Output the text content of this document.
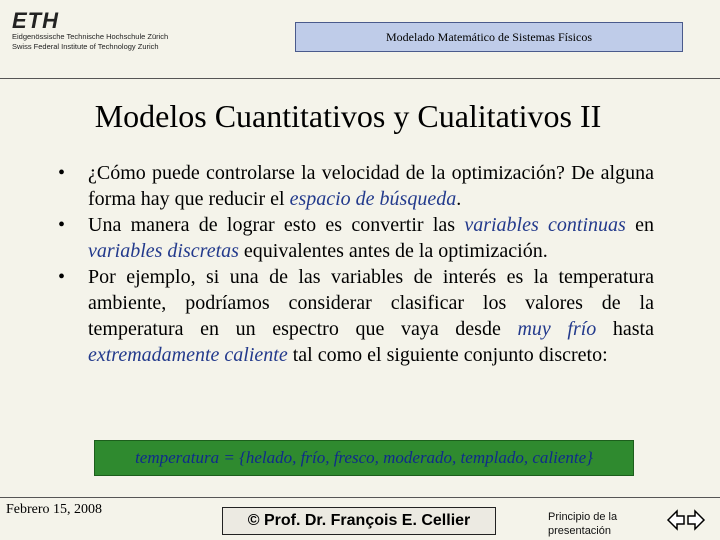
ETH
Eidgenössische Technische Hochschule Zürich
Swiss Federal Institute of Technology Zurich
Modelado Matemático de Sistemas Físicos
Modelos Cuantitativos y Cualitativos II
• ¿Cómo puede controlarse la velocidad de la optimización? De alguna forma hay que reducir el espacio de búsqueda.
• Una manera de lograr esto es convertir las variables continuas en variables discretas equivalentes antes de la optimización.
• Por ejemplo, si una de las variables de interés es la temperatura ambiente, podríamos considerar clasificar los valores de la temperatura en un espectro que vaya desde muy frío hasta extremadamente caliente tal como el siguiente conjunto discreto:
temperatura = {helado, frío, fresco, moderado, templado, caliente}
Febrero 15, 2008
© Prof. Dr. François E. Cellier	Principio de la presentación
